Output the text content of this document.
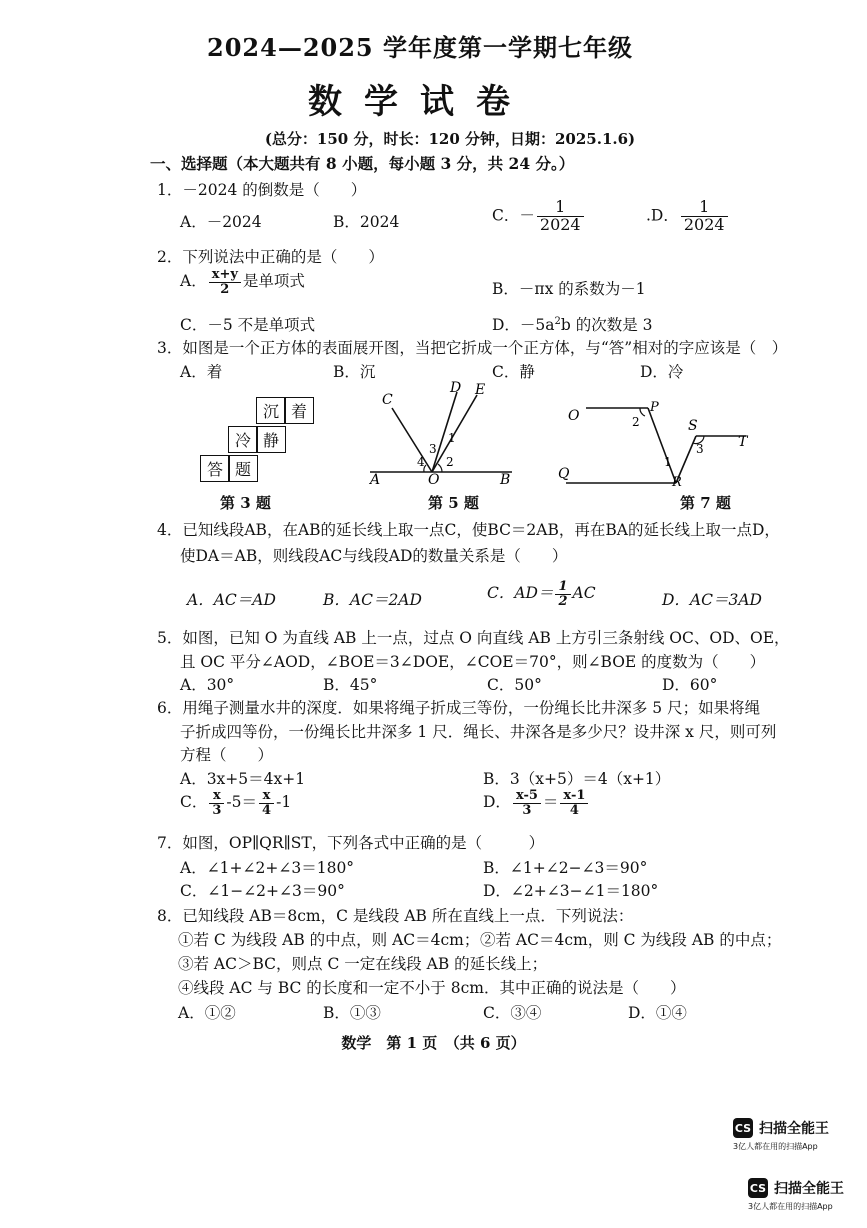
2024—2025 学年度第一学期七年级
数学试卷
(总分：150 分，时长：120 分钟，日期：2025.1.6)
一、选择题（本大题共有 8 小题，每小题 3 分，共 24 分。）
1．－2024 的倒数是（　　）
A．－2024	B．2024	C．－ $\frac{1}{2024}$	.D． $\frac{1}{2024}$
2．下列说法中正确的是（　　）
A． $\frac{x+y}{2}$ 是单项式	B．－πx 的系数为－1
C．－5 不是单项式	D．$-5a^2b$ 的次数是 3
3．如图是一个正方体的表面展开图，当把它折成一个正方体，与“答”相对的字应该是（　）
A．着	B．沉	C．静	D．冷
沉 着
冷 静
答 题
第 3 题
C
D E
A	O	B
1
2
3
4
第 5 题
O
P
Q
R
S
T
1
2
3
第 7 题
4．已知线段AB，在AB的延长线上取一点C，使BC＝2AB，再在BA的延长线上取一点D，
使DA＝AB，则线段AC与线段AD的数量关系是（　　）
A．AC＝AD	B．AC＝2AD	C．$AD= \frac{1}{2}$ AC	D．AC＝3AD
5．如图，已知 O 为直线 AB 上一点，过点 O 向直线 AB 上方引三条射线 OC、OD、OE，
且 OC 平分∠AOD，∠BOE＝3∠DOE，∠COE＝70°，则∠BOE 的度数为（　　）
A．30°	B．45°	C．50°	D．60°
6．用绳子测量水井的深度．如果将绳子折成三等份，一份绳长比井深多 5 尺；如果将绳
子折成四等份，一份绳长比井深多 1 尺．绳长、井深各是多少尺？设井深 x 尺，则可列
方程（　　）
A．3x+5＝4x+1	B．3（x+5）＝4（x+1）
C． $\frac{x}{3} -5= \frac{x}{4} -1$	D． $\frac{x-5}{3} = \frac{x-1}{4}$
7．如图，OP∥QR∥ST，下列各式中正确的是（　　　）
A．∠1+∠2+∠3＝180°	B．∠1+∠2−∠3＝90°
C．∠1−∠2+∠3＝90°	D．∠2+∠3−∠1＝180°
8．已知线段 AB＝8cm，C 是线段 AB 所在直线上一点．下列说法：
①若 C 为线段 AB 的中点，则 AC＝4cm； ②若 AC＝4cm，则 C 为线段 AB 的中点；
③若 AC＞BC，则点 C 一定在线段 AB 的延长线上；
④线段 AC 与 BC 的长度和一定不小于 8cm．其中正确的说法是（　　）
A．①②	B．①③	C．③④	D．①④
数学　第 1 页　（共 6 页）
CS 扫描全能王
3亿人都在用的扫描App
CS 扫描全能王
3亿人都在用的扫描App
